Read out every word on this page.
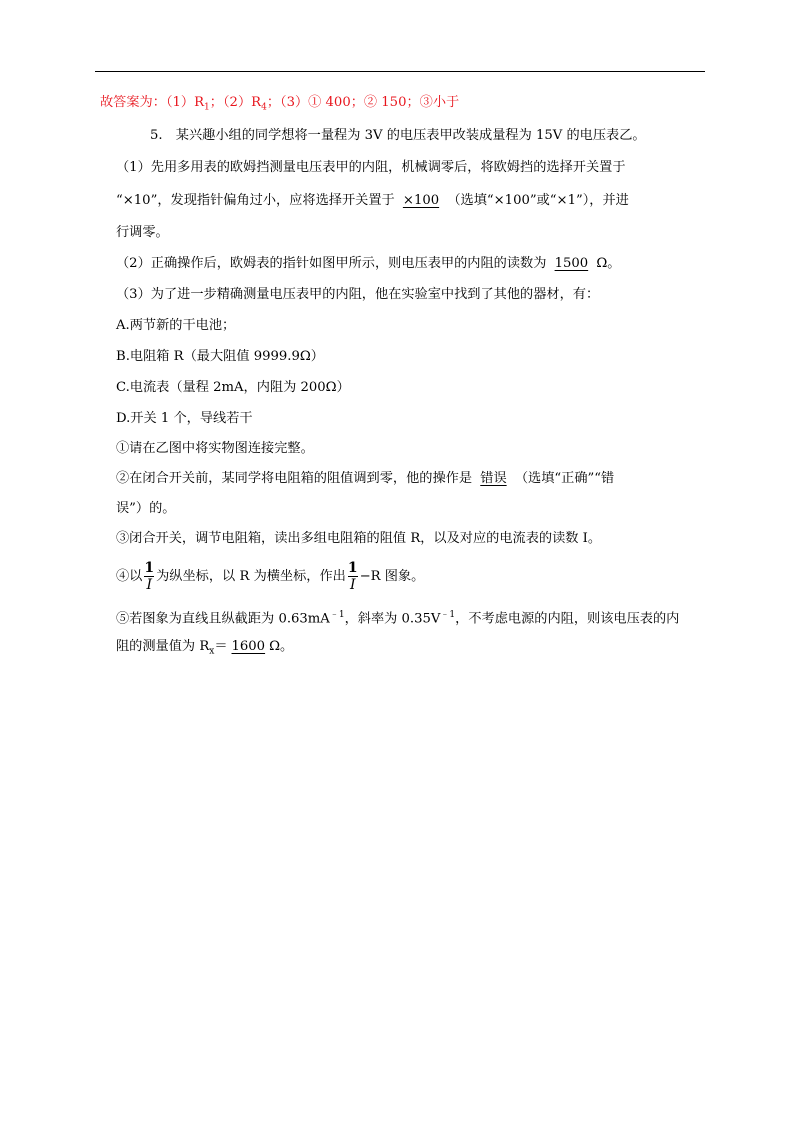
故答案为：$(1)R_1$；$(2)R_4$；（3）① 400；② 150；③小于
5.　某兴趣小组的同学想将一量程为 3V 的电压表甲改装成量程为 15V 的电压表乙。
（1）先用多用表的欧姆挡测量电压表甲的内阻，机械调零后，将欧姆挡的选择开关置于
“×10”，发现指针偏角过小，应将选择开关置于 ×100 （选填“×100”或“×1”），并进
行调零。
（2）正确操作后，欧姆表的指针如图甲所示，则电压表甲的内阻的读数为 1500 Ω。
（3）为了进一步精确测量电压表甲的内阻，他在实验室中找到了其他的器材，有：
A.两节新的干电池；
B.电阻箱 R（最大阻值 9999.9Ω）
C.电流表（量程 2mA，内阻为 200Ω）
D.开关 1 个，导线若干
①请在乙图中将实物图连接完整。
②在闭合开关前，某同学将电阻箱的阻值调到零，他的操作是 错误 （选填“正确”“错
误”）的。
③闭合开关，调节电阻箱，读出多组电阻箱的阻值 R，以及对应的电流表的读数 I。
④以 $\frac{1}{I}$ 为纵坐标，以 R 为横坐标，作出 $\frac{1}{I} -R$ 图象。
⑤若图象为直线且纵截距为 $0.63mA^{﹣1}$，斜率为 $0.35V^{﹣1}$，不考虑电源的内阻，则该电压表的内
阻的测量值为 $R_x= 1600$ Ω。
